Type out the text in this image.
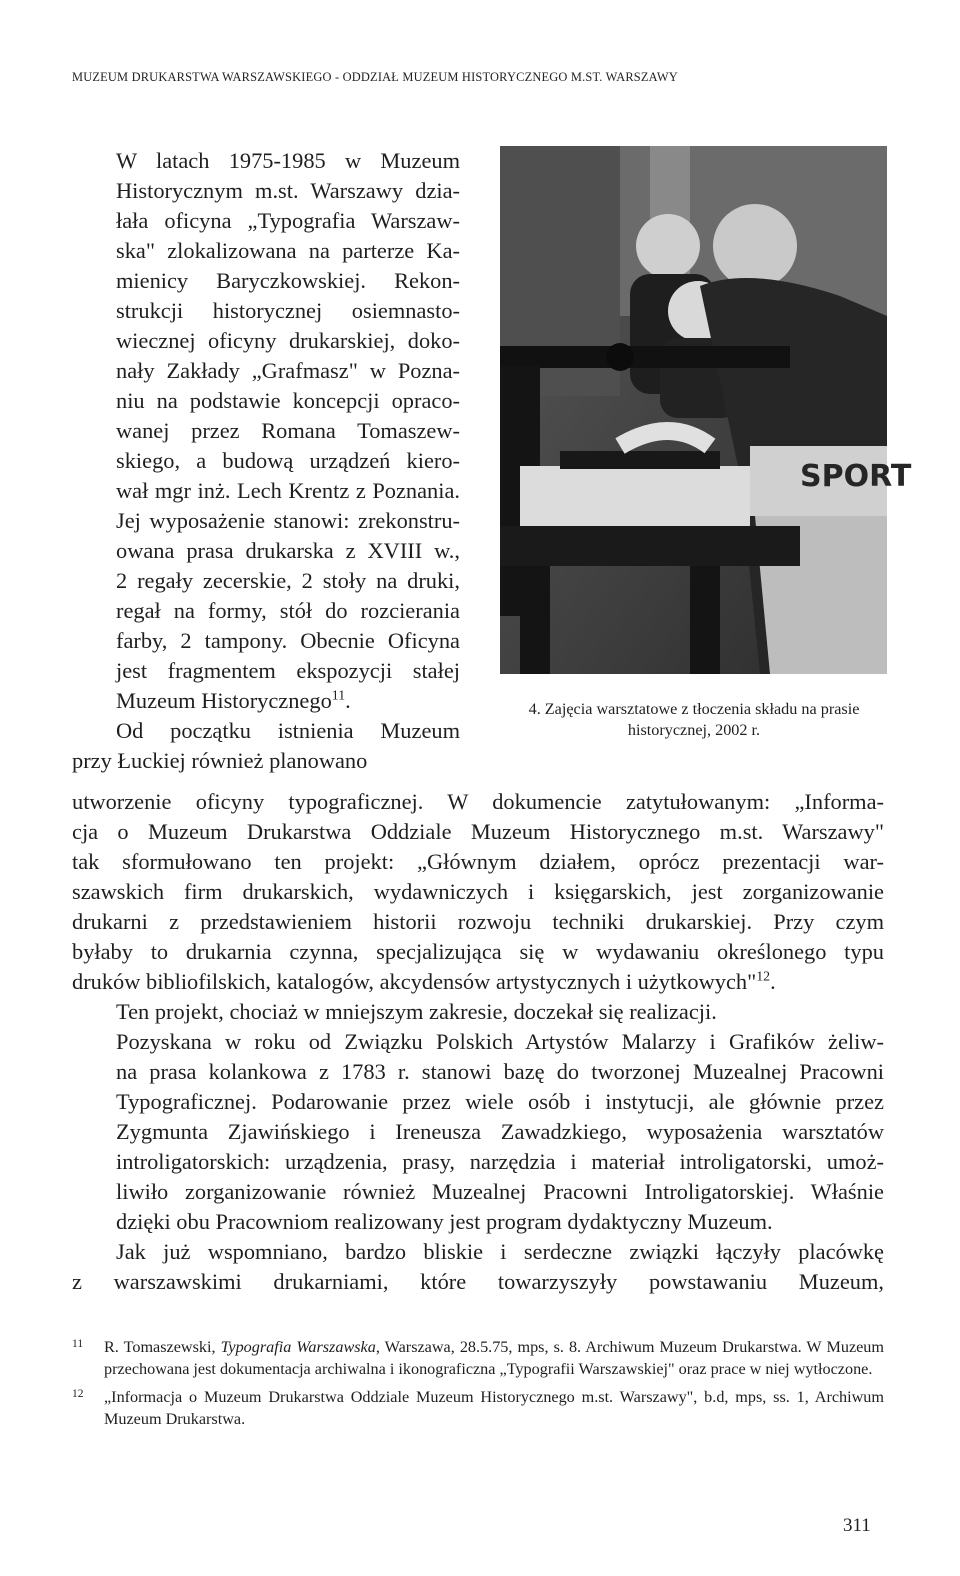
MUZEUM DRUKARSTWA WARSZAWSKIEGO - ODDZIAŁ MUZEUM HISTORYCZNEGO M.ST. WARSZAWY

W latach 1975-1985 w Muzeum
Historycznym m.st. Warszawy dzia-
łała oficyna „Typografia Warszaw-
ska" zlokalizowana na parterze Ka-
mienicy Baryczkowskiej. Rekon-
strukcji historycznej osiemnasto-
wiecznej oficyny drukarskiej, doko-
nały Zakłady „Grafmasz" w Pozna-
niu na podstawie koncepcji opraco-
wanej przez Romana Tomaszew-
skiego, a budową urządzeń kiero-
wał mgr inż. Lech Krentz z Poznania.
Jej wyposażenie stanowi: zrekonstru-
owana prasa drukarska z XVIII w.,
2 regały zecerskie, 2 stoły na druki,
regał na formy, stół do rozcierania
farby, 2 tampony. Obecnie Oficyna
jest fragmentem ekspozycji stałej
Muzeum Historycznego$^{11}$.

Od początku istnienia Muzeum

przy Łuckiej również planowano

SPORT
4. Zajęcia warsztatowe z tłoczenia składu na prasie historycznej, 2002 r.

utworzenie oficyny typograficznej. W dokumencie zatytułowanym: „Informa-
cja o Muzeum Drukarstwa Oddziale Muzeum Historycznego m.st. Warszawy"
tak sformułowano ten projekt: „Głównym działem, oprócz prezentacji war-
szawskich firm drukarskich, wydawniczych i księgarskich, jest zorganizowanie
drukarni z przedstawieniem historii rozwoju techniki drukarskiej. Przy czym
byłaby to drukarnia czynna, specjalizująca się w wydawaniu określonego typu
druków bibliofilskich, katalogów, akcydensów artystycznych i użytkowych"$^{12}$.

Ten projekt, chociaż w mniejszym zakresie, doczekał się realizacji.

Pozyskana w roku od Związku Polskich Artystów Malarzy i Grafików żeliw-
na prasa kolankowa z 1783 r. stanowi bazę do tworzonej Muzealnej Pracowni
Typograficznej. Podarowanie przez wiele osób i instytucji, ale głównie przez
Zygmunta Zjawińskiego i Ireneusza Zawadzkiego, wyposażenia warsztatów
introligatorskich: urządzenia, prasy, narzędzia i materiał introligatorski, umoż-
liwiło zorganizowanie również Muzealnej Pracowni Introligatorskiej. Właśnie
dzięki obu Pracowniom realizowany jest program dydaktyczny Muzeum.

Jak już wspomniano, bardzo bliskie i serdeczne związki łączyły placówkę
z warszawskimi drukarniami, które towarzyszyły powstawaniu Muzeum,

11 R. Tomaszewski, Typografia Warszawska, Warszawa, 28.5.75, mps, s. 8. Archiwum Muzeum Drukarstwa. W Muzeum przechowana jest dokumentacja archiwalna i ikonograficzna „Typografii Warszawskiej" oraz prace w niej wytłoczone.
12 „Informacja o Muzeum Drukarstwa Oddziale Muzeum Historycznego m.st. Warszawy", b.d, mps, ss. 1, Archiwum Muzeum Drukarstwa.
311
